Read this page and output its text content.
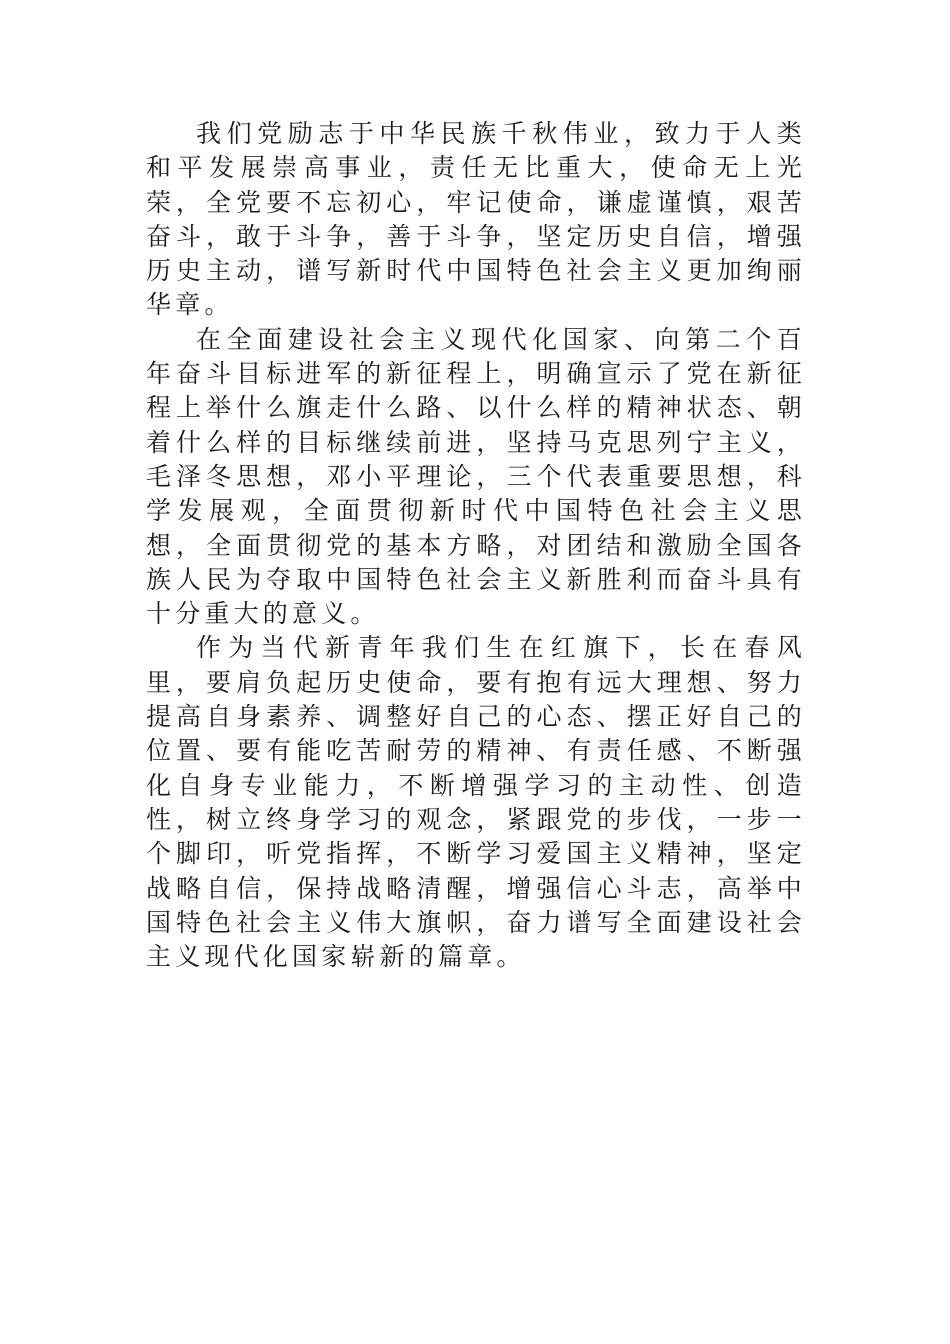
我们党励志于中华民族千秋伟业，致力于人类和平发展崇高事业，责任无比重大，使命无上光荣，全党要不忘初心，牢记使命，谦虚谨慎，艰苦奋斗，敢于斗争，善于斗争，坚定历史自信，增强历史主动，谱写新时代中国特色社会主义更加绚丽华章。

在全面建设社会主义现代化国家、向第二个百年奋斗目标进军的新征程上，明确宣示了党在新征程上举什么旗走什么路、以什么样的精神状态、朝着什么样的目标继续前进，坚持马克思列宁主义，毛泽冬思想，邓小平理论，三个代表重要思想，科学发展观，全面贯彻新时代中国特色社会主义思想，全面贯彻党的基本方略，对团结和激励全国各族人民为夺取中国特色社会主义新胜利而奋斗具有十分重大的意义。

作为当代新青年我们生在红旗下，长在春风里，要肩负起历史使命，要有抱有远大理想、努力提高自身素养、调整好自己的心态、摆正好自己的位置、要有能吃苦耐劳的精神、有责任感、不断强化自身专业能力，不断增强学习的主动性、创造性，树立终身学习的观念，紧跟党的步伐，一步一个脚印，听党指挥，不断学习爱国主义精神，坚定战略自信，保持战略清醒，增强信心斗志，高举中国特色社会主义伟大旗帜，奋力谱写全面建设社会主义现代化国家崭新的篇章。
